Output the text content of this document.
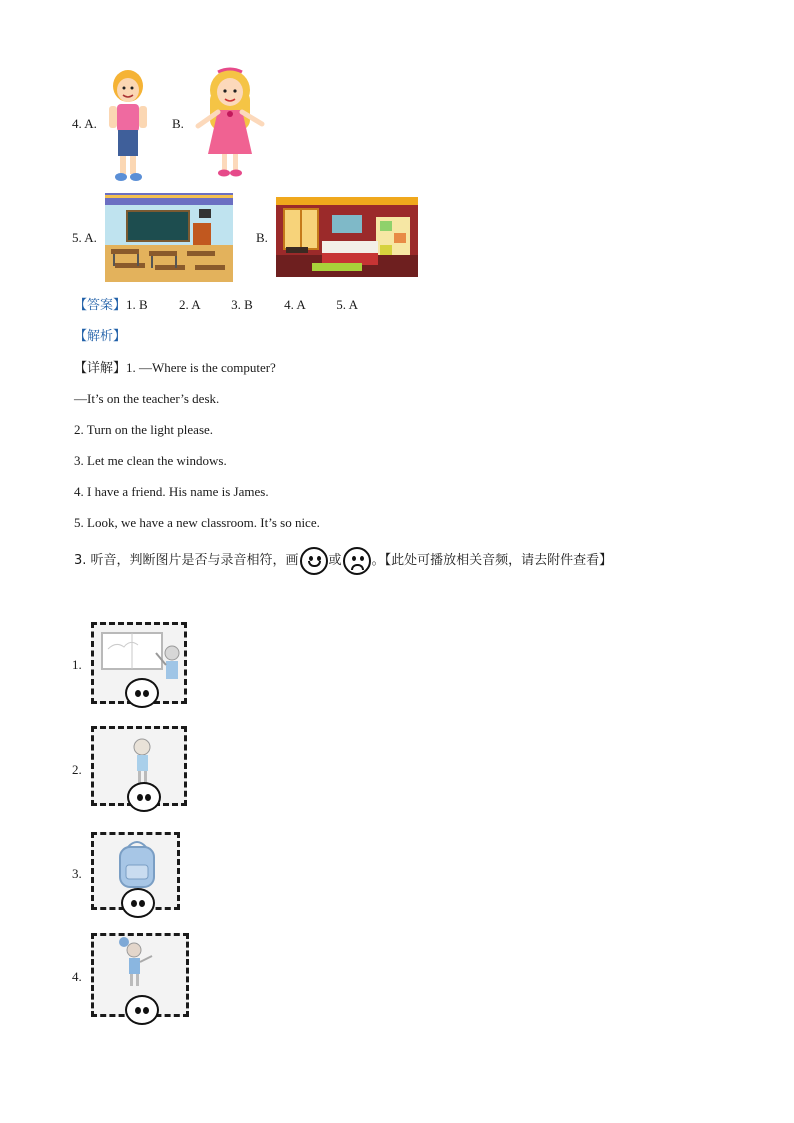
4. A.	B.
5. A.	B.
【答案】1. B 2. A 3. B 4. A 5. A
【解析】
【详解】1. —Where is the computer?
—It’s on the teacher’s desk.
2. Turn on the light please.
3. Let me clean the windows.
4. I have a friend. His name is James.
5. Look, we have a new classroom. It’s so nice.
3. 听音，判断图片是否与录音相符，画 或 。【此处可播放相关音频，请去附件查看】
1.
2.
3.
4.
